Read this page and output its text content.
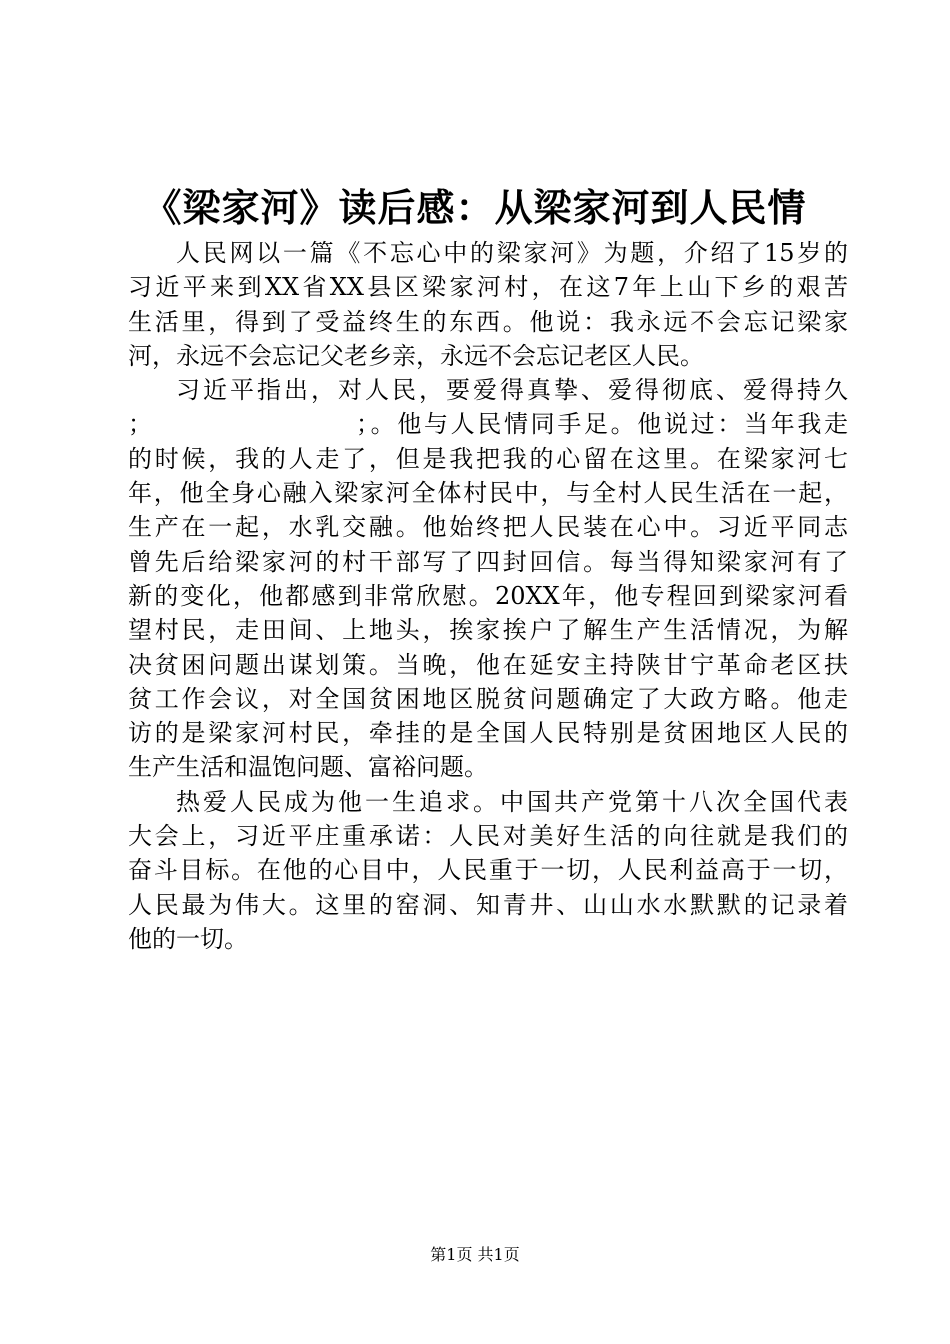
《梁家河》读后感：从梁家河到人民情
人民网以一篇《不忘心中的梁家河》为题，介绍了15岁的
习近平来到XX省XX县区梁家河村，在这7年上山下乡的艰苦
生活里，得到了受益终生的东西。他说：我永远不会忘记梁家
河，永远不会忘记父老乡亲，永远不会忘记老区人民。
习近平指出，对人民，要爱得真挚、爱得彻底、爱得持久
；　　　　　　　　；。他与人民情同手足。他说过：当年我走
的时候，我的人走了，但是我把我的心留在这里。在梁家河七
年，他全身心融入梁家河全体村民中，与全村人民生活在一起，
生产在一起，水乳交融。他始终把人民装在心中。习近平同志
曾先后给梁家河的村干部写了四封回信。每当得知梁家河有了
新的变化，他都感到非常欣慰。20XX年，他专程回到梁家河看
望村民，走田间、上地头，挨家挨户了解生产生活情况，为解
决贫困问题出谋划策。当晚，他在延安主持陕甘宁革命老区扶
贫工作会议，对全国贫困地区脱贫问题确定了大政方略。他走
访的是梁家河村民，牵挂的是全国人民特别是贫困地区人民的
生产生活和温饱问题、富裕问题。
热爱人民成为他一生追求。中国共产党第十八次全国代表
大会上，习近平庄重承诺：人民对美好生活的向往就是我们的
奋斗目标。在他的心目中，人民重于一切，人民利益高于一切，
人民最为伟大。这里的窑洞、知青井、山山水水默默的记录着
他的一切。
第1页 共1页
